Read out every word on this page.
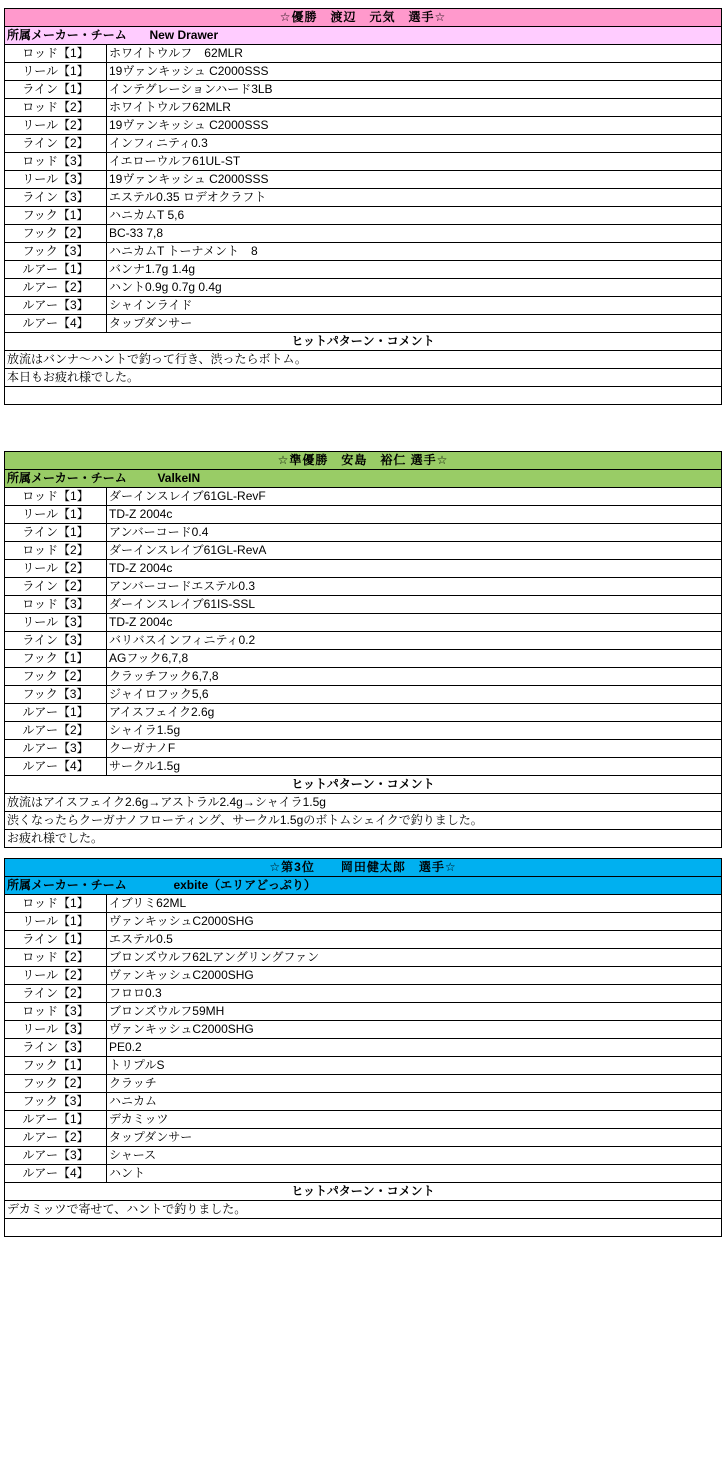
☆優勝　渡辺　元気　選手☆	
所属メーカー・チーム New Drawer	
ロッド【1】	ホワイトウルフ　62MLR
リール【1】	19ヴァンキッシュ C2000SSS
ライン【1】	インテグレーションハード3LB
ロッド【2】	ホワイトウルフ62MLR
リール【2】	19ヴァンキッシュ C2000SSS
ライン【2】	インフィニティ0.3
ロッド【3】	イエローウルフ61UL-ST
リール【3】	19ヴァンキッシュ C2000SSS
ライン【3】	エステル0.35 ロデオクラフト
フック【1】	ハニカムT 5,6
フック【2】	BC-33 7,8
フック【3】	ハニカムT トーナメント　8
ルアー【1】	バンナ1.7g 1.4g
ルアー【2】	ハント0.9g 0.7g 0.4g
ルアー【3】	シャインライド
ルアー【4】	タップダンサー
ヒットパターン・コメント	
放流はバンナ〜ハントで釣って行き、渋ったらボトム。	
本日もお疲れ様でした。	

☆準優勝　安島　裕仁 選手☆	
所属メーカー・チーム ValkeIN	
ロッド【1】	ダーインスレイブ61GL-RevF
リール【1】	TD-Z 2004c
ライン【1】	アンバーコード0.4
ロッド【2】	ダーインスレイブ61GL-RevA
リール【2】	TD-Z 2004c
ライン【2】	アンバーコードエステル0.3
ロッド【3】	ダーインスレイブ61IS-SSL
リール【3】	TD-Z 2004c
ライン【3】	バリバスインフィニティ0.2
フック【1】	AGフック6,7,8
フック【2】	クラッチフック6,7,8
フック【3】	ジャイロフック5,6
ルアー【1】	アイスフェイク2.6g
ルアー【2】	シャイラ1.5g
ルアー【3】	クーガナノF
ルアー【4】	サークル1.5g
ヒットパターン・コメント	
放流はアイスフェイク2.6g→アストラル2.4g→シャイラ1.5g	
渋くなったらクーガナノフローティング、サークル1.5gのボトムシェイクで釣りました。	
お疲れ様でした。	
☆第3位　　岡田健太郎　選手☆	
所属メーカー・チーム exbite（エリアどっぷり）	
ロッド【1】	イブリミ62ML
リール【1】	ヴァンキッシュC2000SHG
ライン【1】	エステル0.5
ロッド【2】	ブロンズウルフ62Lアングリングファン
リール【2】	ヴァンキッシュC2000SHG
ライン【2】	フロロ0.3
ロッド【3】	ブロンズウルフ59MH
リール【3】	ヴァンキッシュC2000SHG
ライン【3】	PE0.2
フック【1】	トリプルS
フック【2】	クラッチ
フック【3】	ハニカム
ルアー【1】	デカミッツ
ルアー【2】	タップダンサー
ルアー【3】	シャース
ルアー【4】	ハント
ヒットパターン・コメント	
デカミッツで寄せて、ハントで釣りました。	
